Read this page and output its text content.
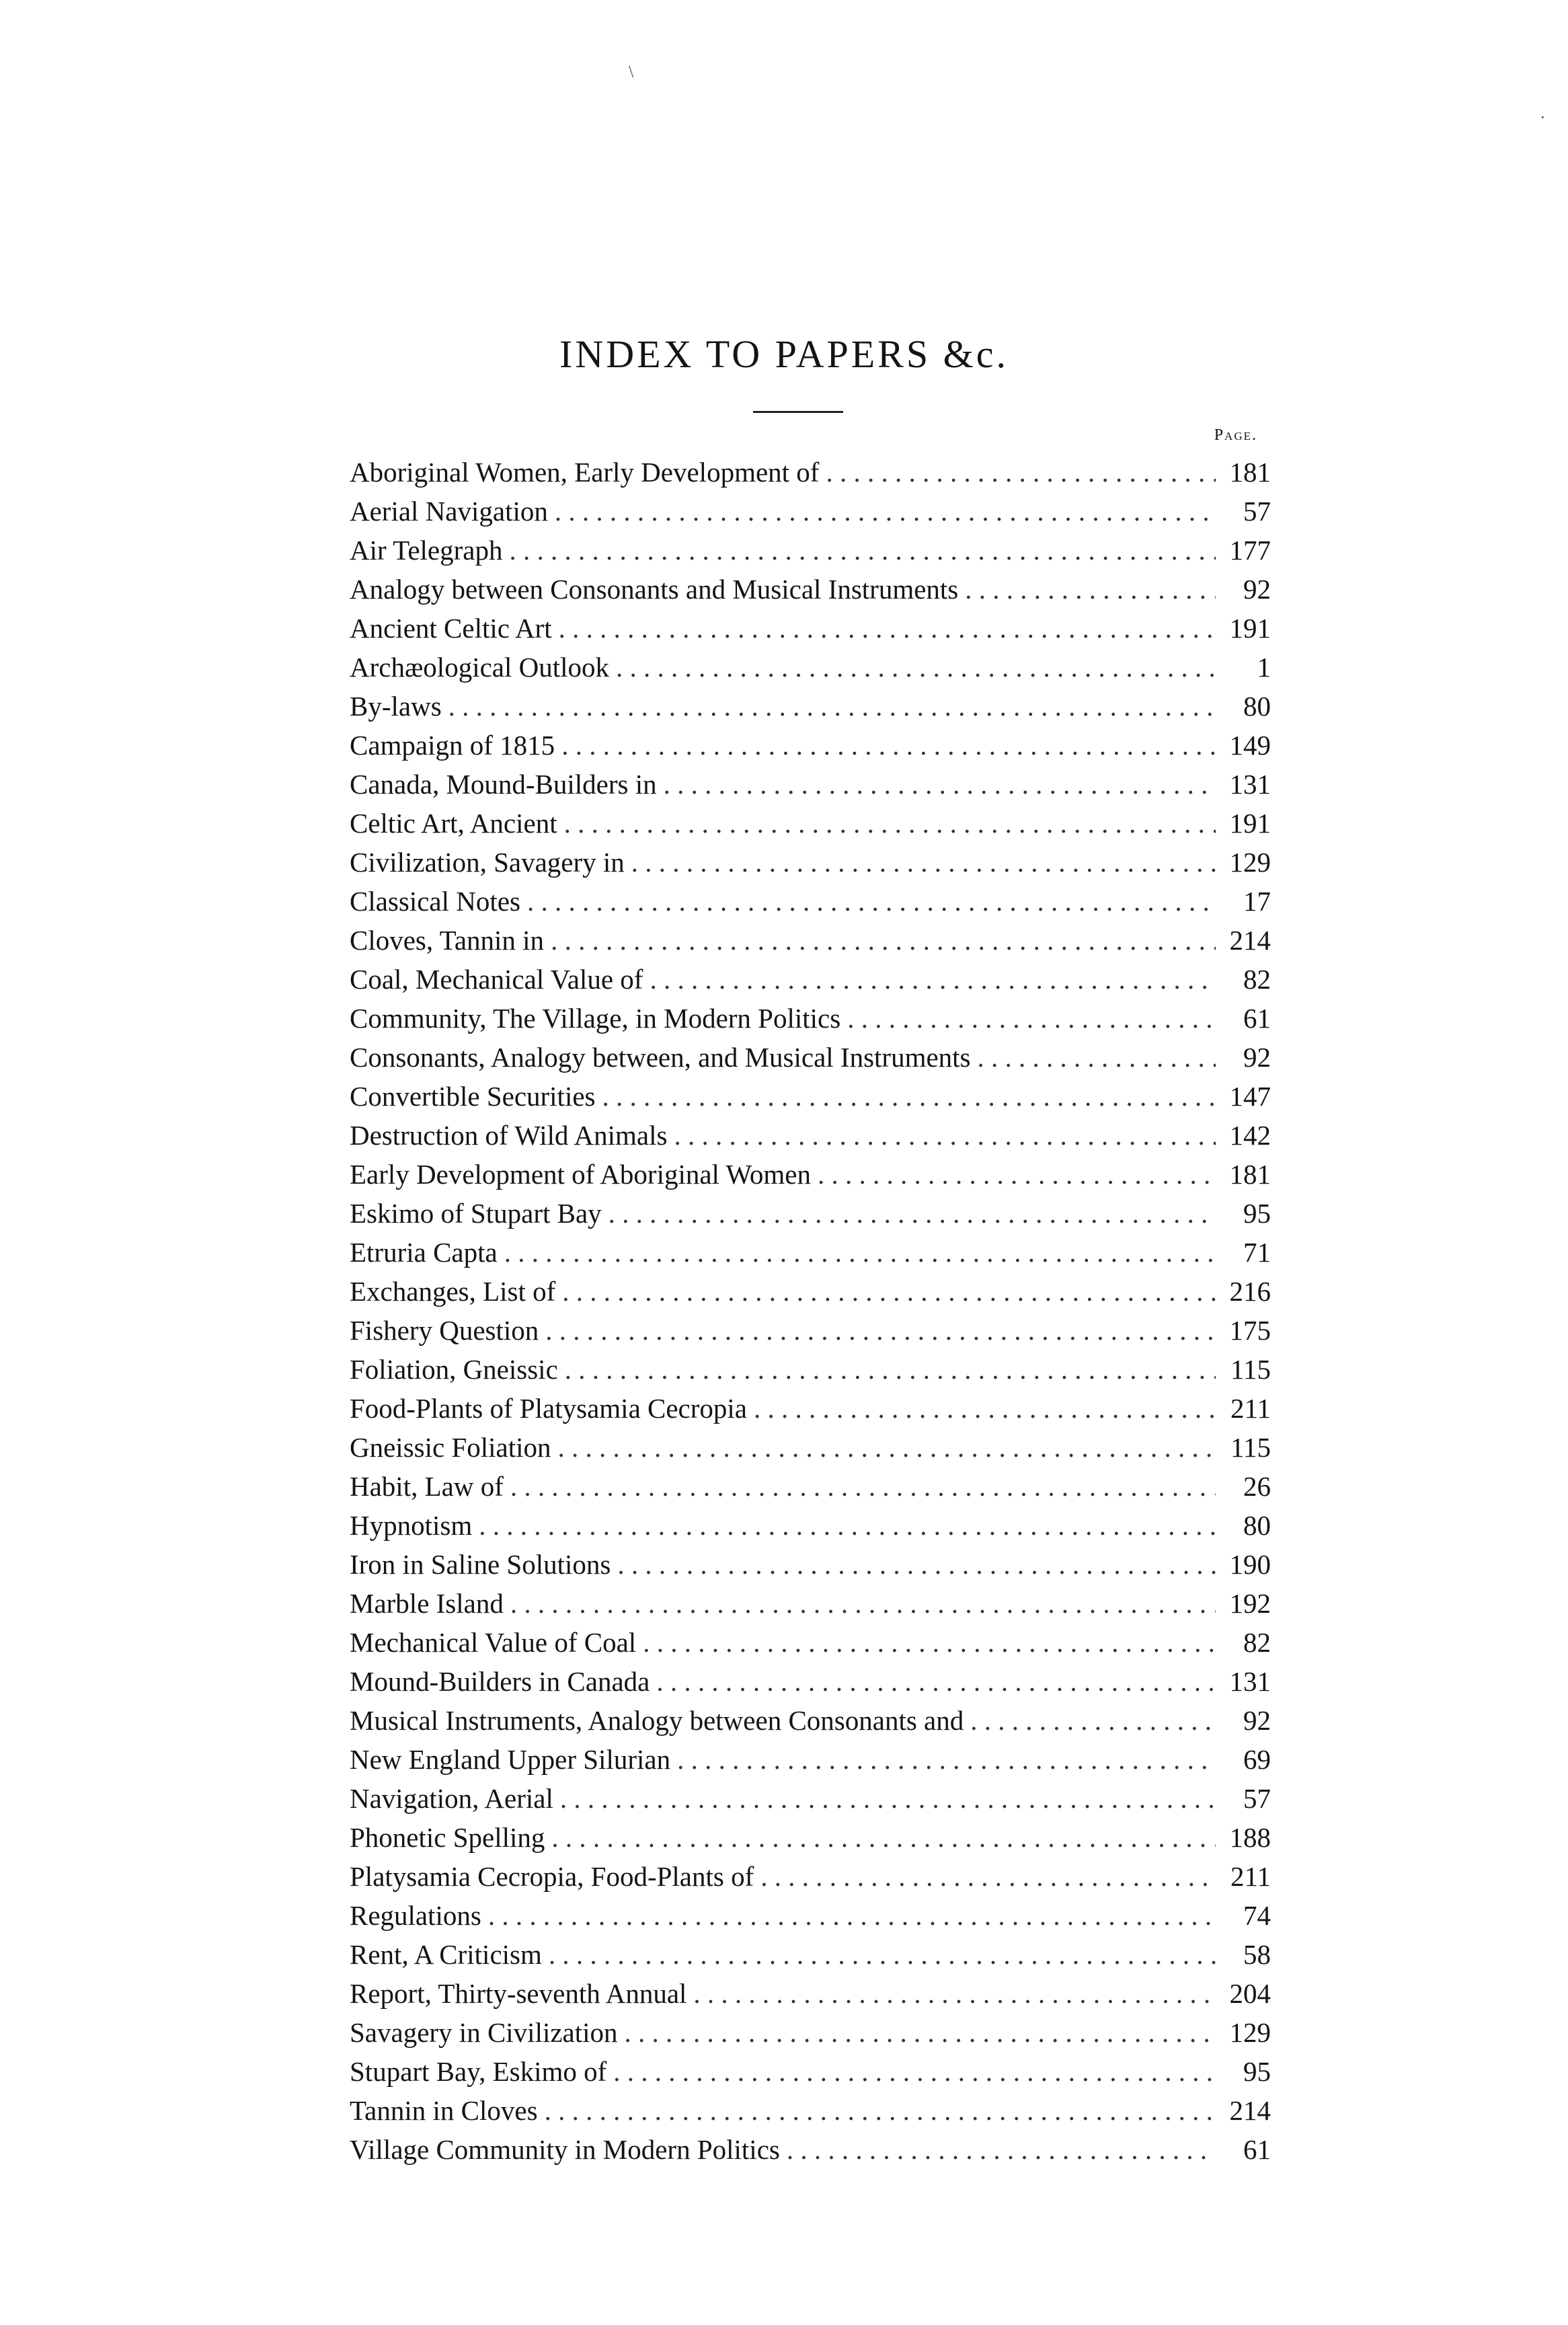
\
·
INDEX TO PAPERS &c.
Page.
Aboriginal Women, Early Development of . . .	181
Aerial Navigation . . .	57
Air Telegraph . . .	177
Analogy between Consonants and Musical Instruments . . .	92
Ancient Celtic Art . . .	191
Archæological Outlook . . .	1
By-laws . . .	80
Campaign of 1815 . . .	149
Canada, Mound-Builders in . . .	131
Celtic Art, Ancient . . .	191
Civilization, Savagery in . . .	129
Classical Notes . . .	17
Cloves, Tannin in . . .	214
Coal, Mechanical Value of . . .	82
Community, The Village, in Modern Politics . . .	61
Consonants, Analogy between, and Musical Instruments . . .	92
Convertible Securities . . .	147
Destruction of Wild Animals . . .	142
Early Development of Aboriginal Women . . .	181
Eskimo of Stupart Bay . . .	95
Etruria Capta . . .	71
Exchanges, List of . . .	216
Fishery Question . . .	175
Foliation, Gneissic . . .	115
Food-Plants of Platysamia Cecropia . . .	211
Gneissic Foliation . . .	115
Habit, Law of . . .	26
Hypnotism . . .	80
Iron in Saline Solutions . . .	190
Marble Island . . .	192
Mechanical Value of Coal . . .	82
Mound-Builders in Canada . . .	131
Musical Instruments, Analogy between Consonants and . . .	92
New England Upper Silurian . . .	69
Navigation, Aerial . . .	57
Phonetic Spelling . . .	188
Platysamia Cecropia, Food-Plants of . . .	211
Regulations . . .	74
Rent, A Criticism . . .	58
Report, Thirty-seventh Annual . . .	204
Savagery in Civilization . . .	129
Stupart Bay, Eskimo of . . .	95
Tannin in Cloves . . .	214
Village Community in Modern Politics . . .	61
